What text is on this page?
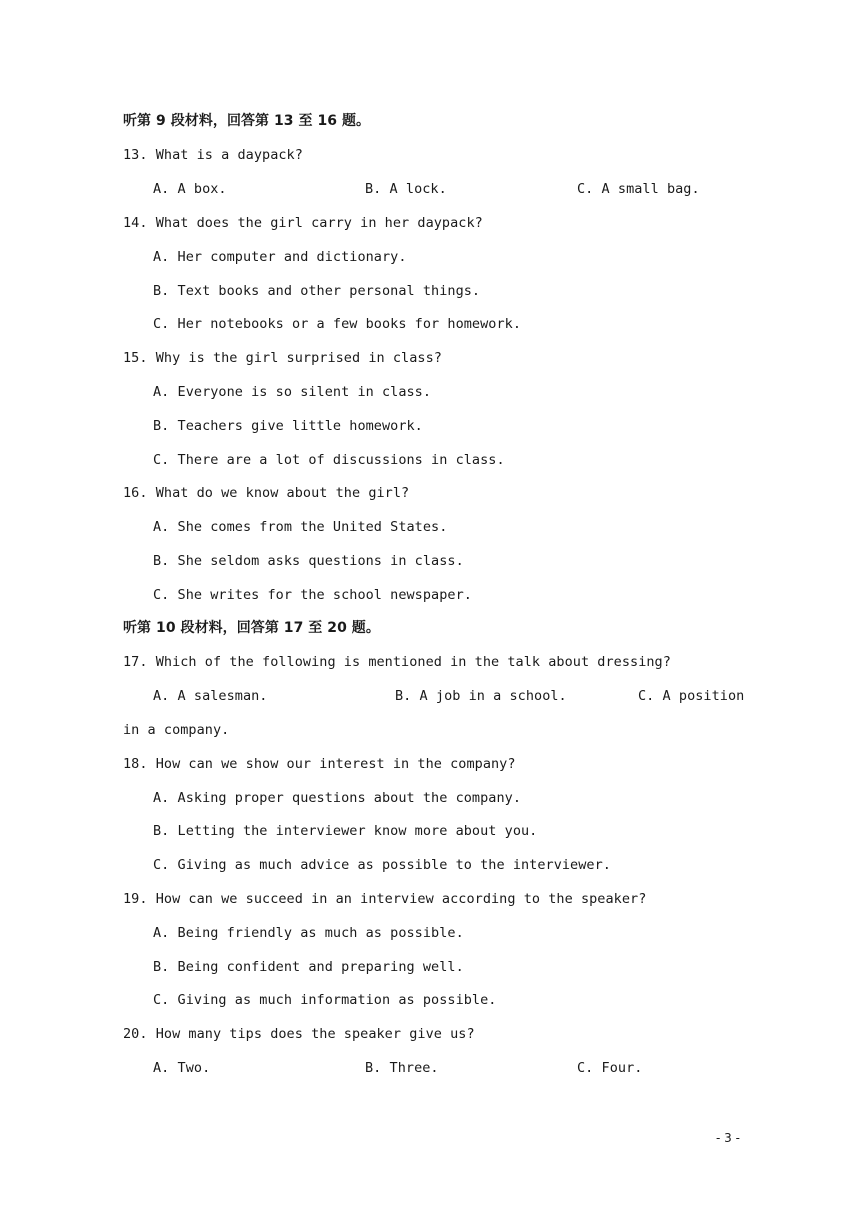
听第 9 段材料，回答第 13 至 16 题。
13. What is a daypack?
A. A box.	B. A lock.	C. A small bag.
14. What does the girl carry in her daypack?
A. Her computer and dictionary.
B. Text books and other personal things.
C. Her notebooks or a few books for homework.
15. Why is the girl surprised in class?
A. Everyone is so silent in class.
B. Teachers give little homework.
C. There are a lot of discussions in class.
16. What do we know about the girl?
A. She comes from the United States.
B. She seldom asks questions in class.
C. She writes for the school newspaper.
听第 10 段材料，回答第 17 至 20 题。
17. Which of the following is mentioned in the talk about dressing?
A. A salesman.	B. A job in a school.	C. A position
in a company.
18. How can we show our interest in the company?
A. Asking proper questions about the company.
B. Letting the interviewer know more about you.
C. Giving as much advice as possible to the interviewer.
19. How can we succeed in an interview according to the speaker?
A. Being friendly as much as possible.
B. Being confident and preparing well.
C. Giving as much information as possible.
20. How many tips does the speaker give us?
A. Two.	B. Three.	C. Four.
- 3 -
